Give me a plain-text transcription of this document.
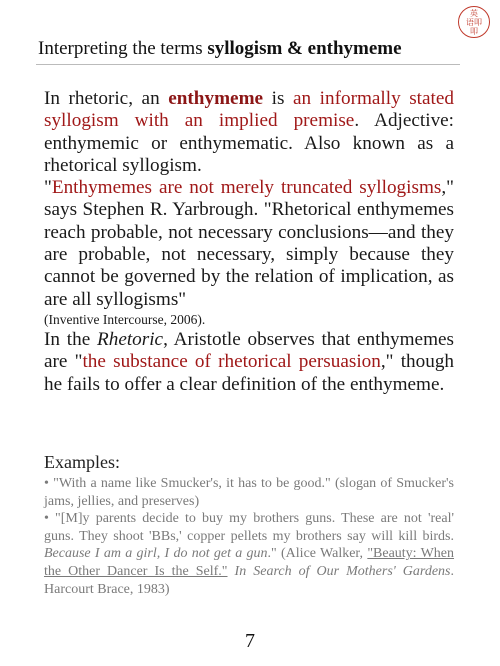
英
语叩
叩
Interpreting the terms syllogism & enthymeme

In rhetoric, an enthymeme is an informally stated syllogism with an implied premise. Adjective: enthymemic or enthymematic. Also known as a rhetorical syllogism.

"Enthymemes are not merely truncated syllogisms," says Stephen R. Yarbrough. "Rhetorical enthymemes reach probable, not necessary conclusions—and they are probable, not necessary, simply because they cannot be governed by the relation of implication, as are all syllogisms"

(Inventive Intercourse, 2006).

In the Rhetoric, Aristotle observes that enthymemes are "the substance of rhetorical persuasion," though he fails to offer a clear definition of the enthymeme.

Examples:

• "With a name like Smucker's, it has to be good." (slogan of Smucker's jams, jellies, and preserves)

• "[M]y parents decide to buy my brothers guns. These are not 'real' guns. They shoot 'BBs,' copper pellets my brothers say will kill birds. Because I am a girl, I do not get a gun." (Alice Walker, "Beauty: When the Other Dancer Is the Self." In Search of Our Mothers' Gardens. Harcourt Brace, 1983)

7
